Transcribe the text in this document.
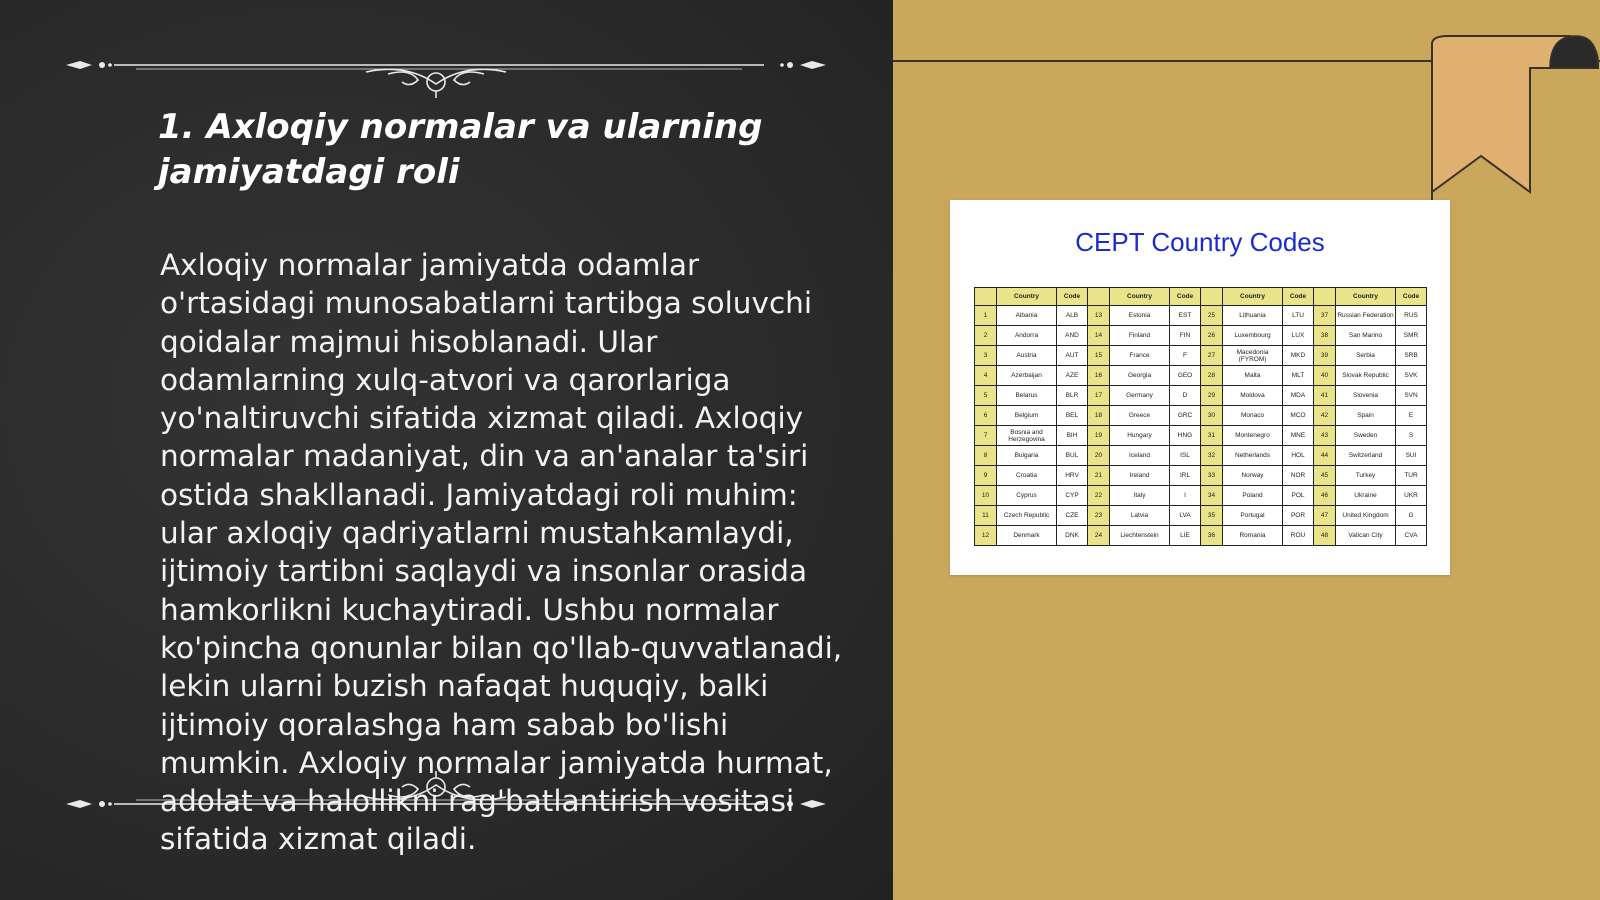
1. Axloqiy normalar va ularning jamiyatdagi roli

Axloqiy normalar jamiyatda odamlar o'rtasidagi munosabatlarni tartibga soluvchi qoidalar majmui hisoblanadi. Ular odamlarning xulq-atvori va qarorlariga yo'naltiruvchi sifatida xizmat qiladi. Axloqiy normalar madaniyat, din va an'analar ta'siri ostida shakllanadi. Jamiyatdagi roli muhim: ular axloqiy qadriyatlarni mustahkamlaydi, ijtimoiy tartibni saqlaydi va insonlar orasida hamkorlikni kuchaytiradi. Ushbu normalar ko'pincha qonunlar bilan qo'llab-quvvatlanadi, lekin ularni buzish nafaqat huquqiy, balki ijtimoiy qoralashga ham sabab bo'lishi mumkin. Axloqiy normalar jamiyatda hurmat, adolat va halollikni rag'batlantirish vositasi sifatida xizmat qiladi.

CEPT Country Codes
	Country	Code		Country	Code		Country	Code		Country	Code
1	Albania	ALB	13	Estonia	EST	25	Lithuania	LTU	37	Russian Federation	RUS
2	Andorra	AND	14	Finland	FIN	26	Luxembourg	LUX	38	San Marino	SMR
3	Austria	AUT	15	France	F	27	Macedonia (FYROM)	MKD	39	Serbia	SRB
4	Azerbaijan	AZE	16	Georgia	GEO	28	Malta	MLT	40	Slovak Republic	SVK
5	Belarus	BLR	17	Germany	D	29	Moldova	MDA	41	Slovenia	SVN
6	Belgium	BEL	18	Greece	GRC	30	Monaco	MCO	42	Spain	E
7	Bosnia and Herzegovina	BIH	19	Hungary	HNG	31	Montenegro	MNE	43	Sweden	S
8	Bulgaria	BUL	20	Iceland	ISL	32	Netherlands	HOL	44	Switzerland	SUI
9	Croatia	HRV	21	Ireland	IRL	33	Norway	NOR	45	Turkey	TUR
10	Cyprus	CYP	22	Italy	I	34	Poland	POL	46	Ukraine	UKR
11	Czech Republic	CZE	23	Latvia	LVA	35	Portugal	POR	47	United Kingdom	G
12	Denmark	DNK	24	Liechtenstein	LIE	36	Romania	ROU	48	Vatican City	CVA
